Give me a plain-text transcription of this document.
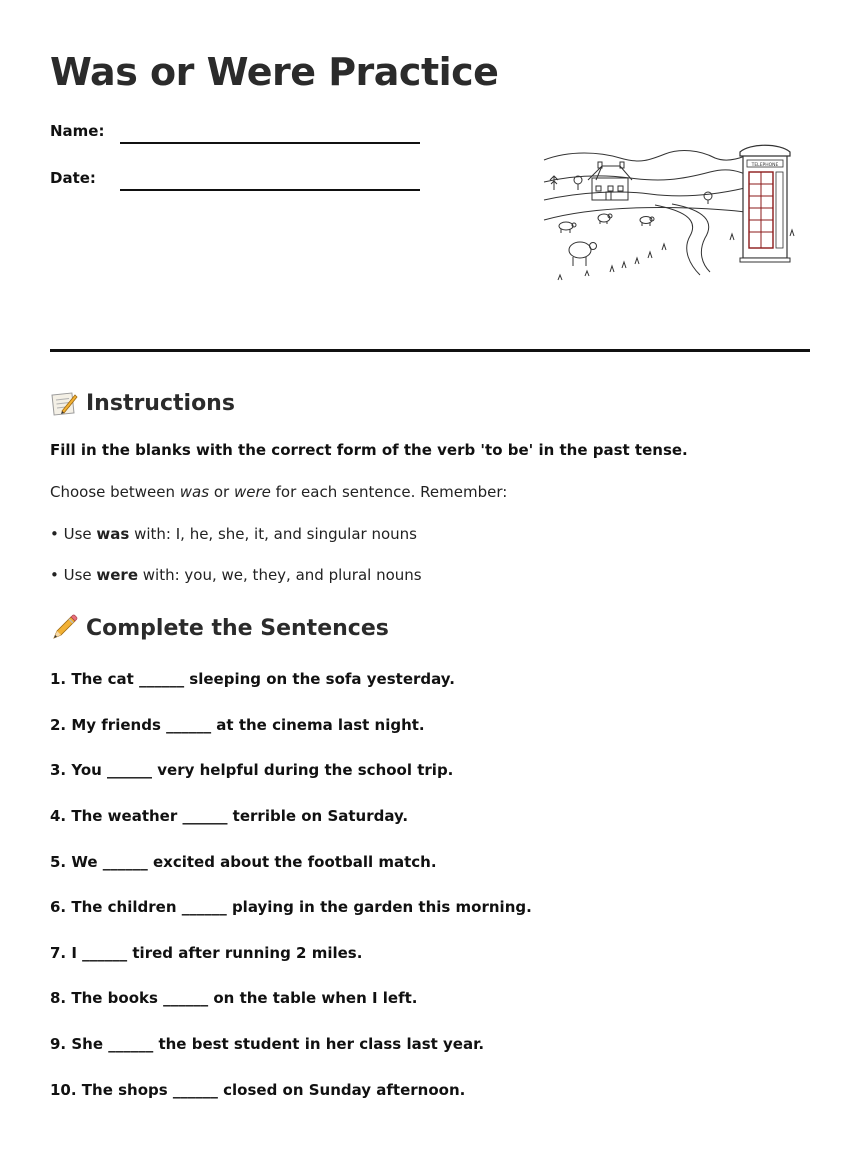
Was or Were Practice
Name:
Date:
TELEPHONE
Instructions
Fill in the blanks with the correct form of the verb 'to be' in the past tense.
Choose between was or were for each sentence. Remember:
• Use was with: I, he, she, it, and singular nouns
• Use were with: you, we, they, and plural nouns
Complete the Sentences
1. The cat ______ sleeping on the sofa yesterday.
2. My friends ______ at the cinema last night.
3. You ______ very helpful during the school trip.
4. The weather ______ terrible on Saturday.
5. We ______ excited about the football match.
6. The children ______ playing in the garden this morning.
7. I ______ tired after running 2 miles.
8. The books ______ on the table when I left.
9. She ______ the best student in her class last year.
10. The shops ______ closed on Sunday afternoon.
